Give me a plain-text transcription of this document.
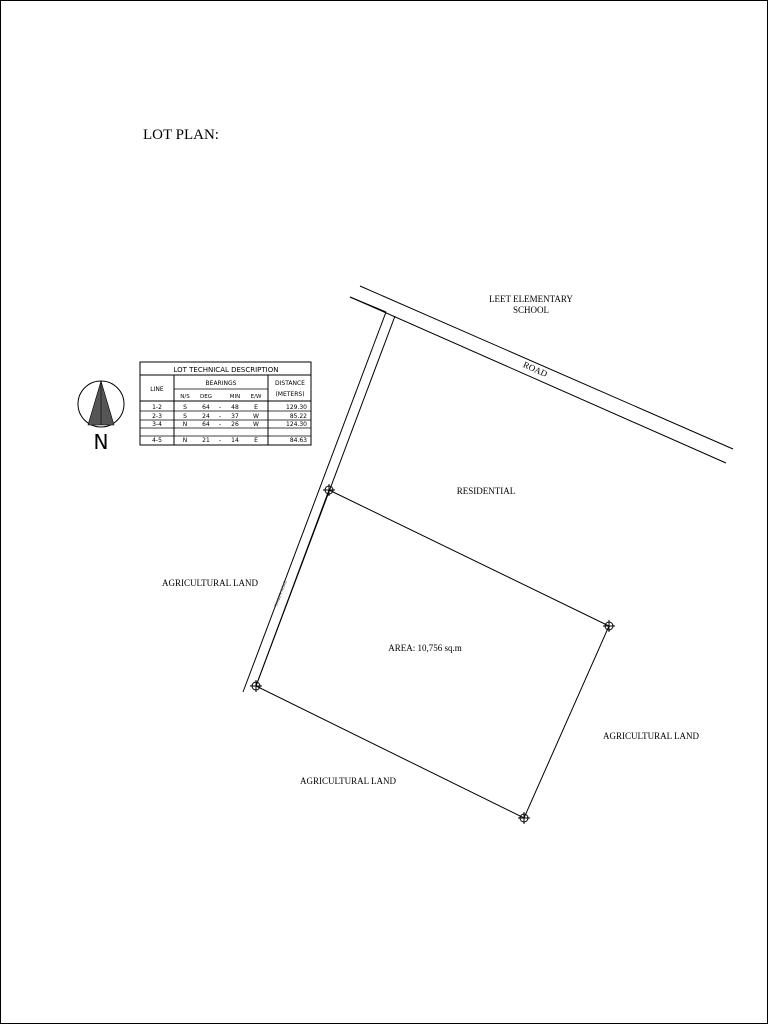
LOT PLAN:
LEET ELEMENTARY
SCHOOL
ROAD
RESIDENTIAL
AREA: 10,756 sq.m
AGRICULTURAL LAND
AGRICULTURAL LAND
AGRICULTURAL LAND
TIMBER ROAD
N
LOT TECHNICAL DESCRIPTION
LINE
BEARINGS	DISTANCE
(METERS)
N/S DEG	MIN E/W
1-2	S	64 - 48	E	129.30
2-3	S	24 - 37 W	85.22
3-4	N 64 - 26 W	124.30
4-5	N 21 - 14	E	84.63
